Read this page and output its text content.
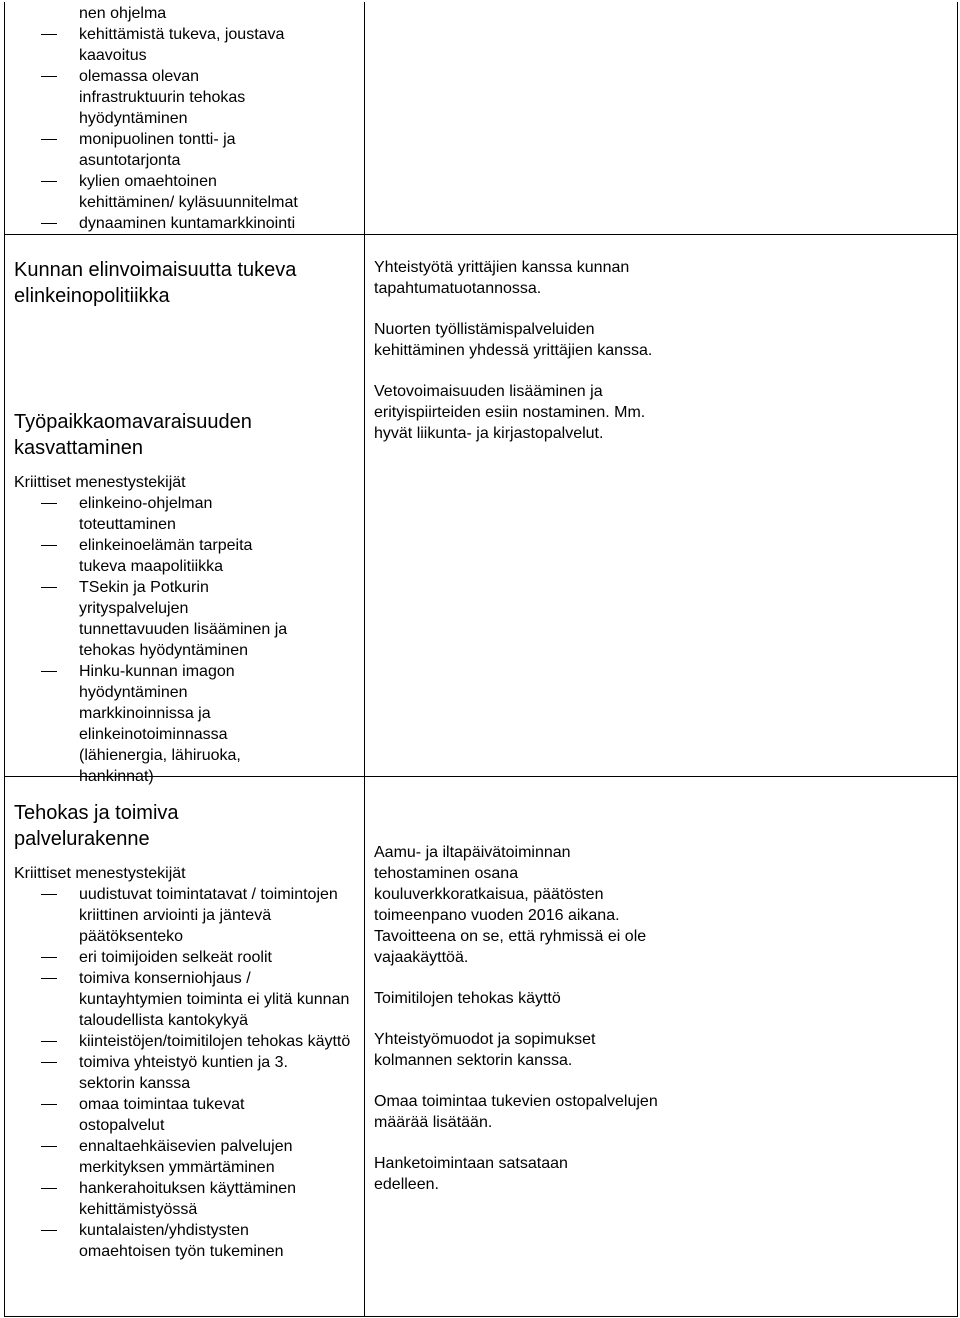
nen ohjelma

kehittämistä tukeva, joustava kaavoitus
olemassa olevan infrastruktuurin tehokas hyödyntäminen
monipuolinen tontti- ja asuntotarjonta
kylien omaehtoinen kehittäminen/ kyläsuunnitelmat
dynaaminen kuntamarkkinointi

Kunnan elinvoimaisuutta tukeva elinkeinopolitiikka

Työpaikkaomavaraisuuden kasvattaminen

Kriittiset menestystekijät

elinkeino-ohjelman toteuttaminen
elinkeinoelämän tarpeita tukeva maapolitiikka
TSekin ja Potkurin yrityspalvelujen tunnettavuuden lisääminen ja tehokas hyödyntäminen
Hinku-kunnan imagon hyödyntäminen markkinoinnissa ja elinkeinotoiminnassa (lähienergia, lähiruoka, hankinnat)

Yhteistyötä yrittäjien kanssa kunnan tapahtumatuotannossa.

Nuorten työllistämispalveluiden kehittäminen yhdessä yrittäjien kanssa.

Vetovoimaisuuden lisääminen ja erityispiirteiden esiin nostaminen. Mm. hyvät liikunta- ja kirjastopalvelut.

Tehokas ja toimiva palvelurakenne

Kriittiset menestystekijät

uudistuvat toimintatavat / toimintojen kriittinen arviointi ja jäntevä päätöksenteko
eri toimijoiden selkeät roolit
toimiva konserniohjaus / kuntayhtymien toiminta ei ylitä kunnan taloudellista kantokykyä
kiinteistöjen/toimitilojen tehokas käyttö
toimiva yhteistyö kuntien ja 3. sektorin kanssa
omaa toimintaa tukevat ostopalvelut
ennaltaehkäisevien palvelujen merkityksen ymmärtäminen
hankerahoituksen käyttäminen kehittämistyössä
kuntalaisten/yhdistysten omaehtoisen työn tukeminen

Aamu- ja iltapäivätoiminnan tehostaminen osana kouluverkkoratkaisua, päätösten toimeenpano vuoden 2016 aikana. Tavoitteena on se, että ryhmissä ei ole vajaakäyttöä.

Toimitilojen tehokas käyttö

Yhteistyömuodot ja sopimukset kolmannen sektorin kanssa.

Omaa toimintaa tukevien ostopalvelujen määrää lisätään.

Hanketoimintaan satsataan edelleen.
